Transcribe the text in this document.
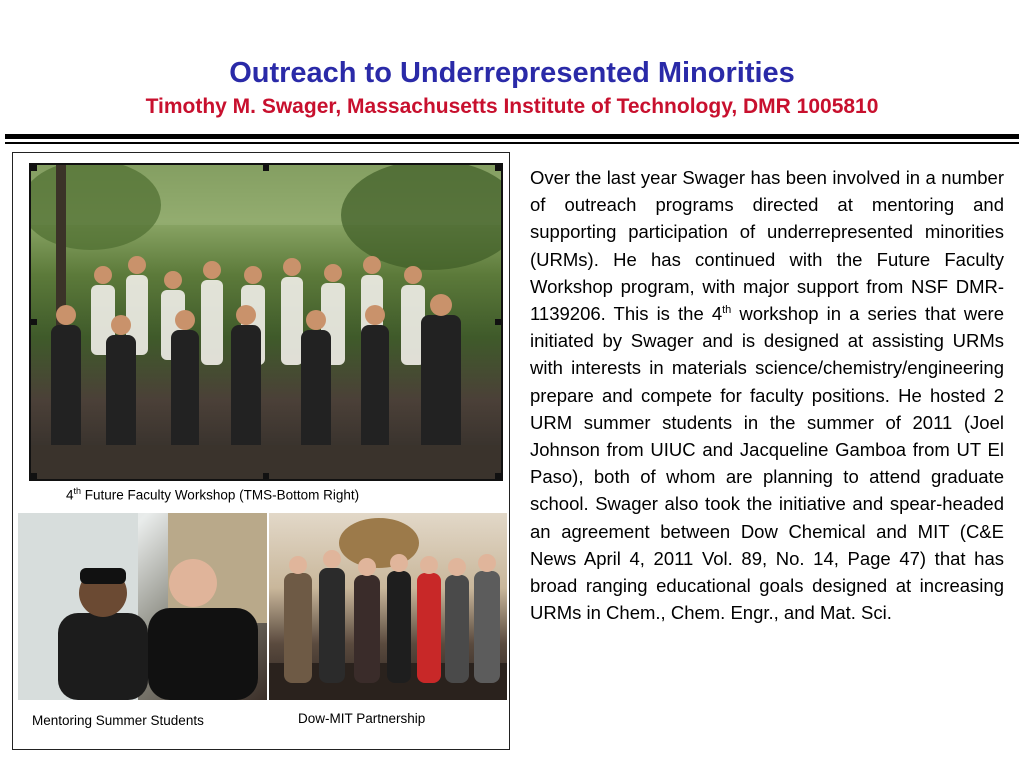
Outreach to Underrepresented Minorities
Timothy M. Swager, Massachusetts Institute of Technology, DMR 1005810
4th Future Faculty Workshop (TMS-Bottom Right)
Mentoring Summer Students	Dow-MIT Partnership

Over the last year Swager has been involved in a number of outreach programs directed at mentoring and supporting participation of underrepresented minorities (URMs). He has continued with the Future Faculty Workshop program, with major support from NSF DMR-1139206. This is the 4th workshop in a series that were initiated by Swager and is designed at assisting URMs with interests in materials science/chemistry/engineering prepare and compete for faculty positions. He hosted 2 URM summer students in the summer of 2011 (Joel Johnson from UIUC and Jacqueline Gamboa from UT El Paso), both of whom are planning to attend graduate school. Swager also took the initiative and spear-headed an agreement between Dow Chemical and MIT (C&E News April 4, 2011 Vol. 89, No. 14, Page 47) that has broad ranging educational goals designed at increasing URMs in Chem., Chem. Engr., and Mat. Sci.
